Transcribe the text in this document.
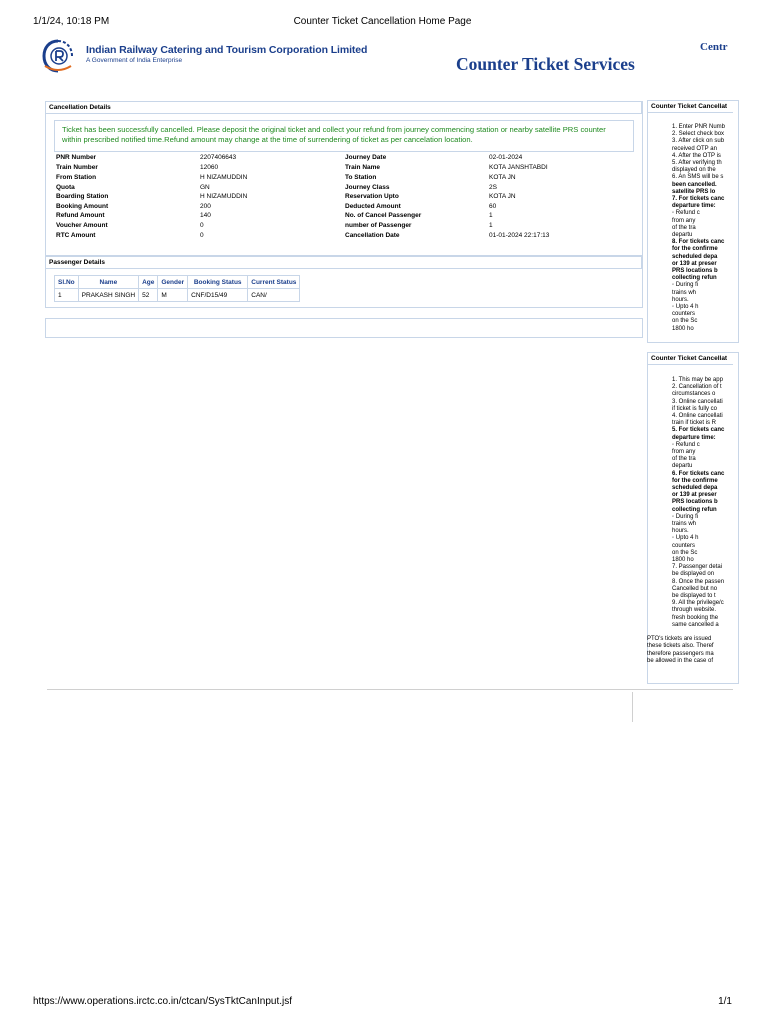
1/1/24, 10:18 PM	Counter Ticket Cancellation Home Page
Indian Railway Catering and Tourism Corporation Limited
A Government of India Enterprise	Counter Ticket Services
Centr
Cancellation Details
Ticket has been successfully cancelled. Please deposit the original ticket and collect your refund from journey commencing station or nearby satellite PRS counter within prescribed notified time.Refund amount may change at the time of surrendering of ticket as per cancelation location.
PNR Number	2207406643	Journey Date	02-01-2024
Train Number	12060	Train Name	KOTA JANSHTABDI
From Station	H NIZAMUDDIN	To Station	KOTA JN
Quota	GN	Journey Class	2S
Boarding Station	H NIZAMUDDIN	Reservation Upto	KOTA JN
Booking Amount	200	Deducted Amount	60
Refund Amount	140	No. of Cancel Passenger	1
Voucher Amount	0	number of Passenger	1
RTC Amount	0	Cancellation Date	01-01-2024 22:17:13
Passenger Details
Sl.No	Name	Age	Gender	Booking Status	Current Status
1	PRAKASH SINGH	52	M	CNF/D15/49	CAN/
Counter Ticket Cancellat
1. Enter PNR Numb
2. Select check box
3. After click on sub
received OTP an
4. After the OTP is
5. After verifying th
displayed on the
6. An SMS will be s
been cancelled.
satellite PRS lo
7. For tickets canc
departure time:
◦ Refund c
from any
of the tra
departu
8. For tickets canc
for the confirme
scheduled depa
or 139 at preser
PRS locations b
collecting refun
◦ During fi
trains wh
hours.
◦ Upto 4 h
counters
on the Sc
1800 ho
Counter Ticket Cancellat
1. This may be app
2. Cancellation of t
circumstances o
3. Online cancellati
if ticket is fully co
4. Online cancellati
train if ticket is R
5. For tickets canc
departure time:
◦ Refund c
from any
of the tra
departu
6. For tickets canc
for the confirme
scheduled depa
or 139 at preser
PRS locations b
collecting refun
◦ During fi
trains wh
hours.
◦ Upto 4 h
counters
on the Sc
1800 ho
7. Passenger detai
be displayed on
8. Once the passen
Cancelled but no
be displayed to t
9. All the privilege/c
through website.
fresh booking the
same cancelled a
PTO's tickets are issued
these tickets also. Theref
therefore passengers ma
be allowed in the case of
https://www.operations.irctc.co.in/ctcan/SysTktCanInput.jsf	1/1
